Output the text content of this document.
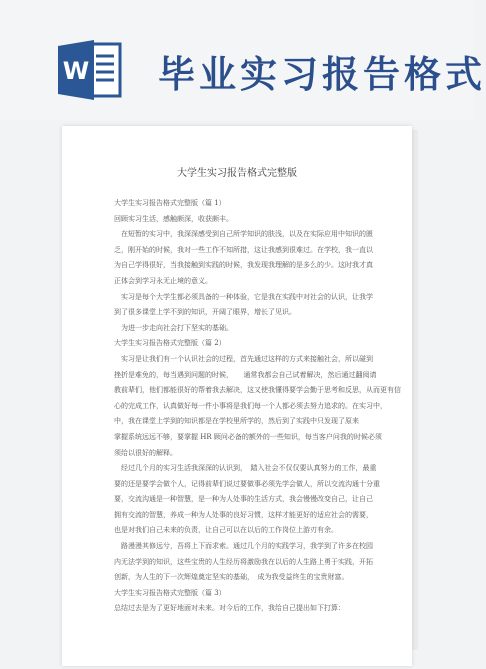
W 毕业实习报告格式
大学生实习报告格式完整版
大学生实习报告格式完整版（篇 1）
回顾实习生活，感触颇深，收获颇丰。
　在短暂的实习中，我深深感受到自己所学知识的肤浅，以及在实际应用中知识的匮
乏，刚开始的时候，我对一些工作不知所措，这让我感到很难过。在学校，我一直以
为自己学得很好，当我接触到实践的时候，我发现我理解的是多么的少。这时我才真
正体会到学习永无止境的意义。
　实习是每个大学生都必须具备的一种体验，它是我在实践中对社会的认识，让我学
到了很多课堂上学不到的知识，开阔了眼界，增长了见识。
　为进一步走向社会打下坚实的基础。
大学生实习报告格式完整版（篇 2）
　实习是让我们有一个认识社会的过程，首先通过这样的方式来接触社会，所以碰到
挫折是难免的，每当遇到问题的时候，　　通常我都会自己试着解决，然后通过翻阅请
教前辈们，他们都能很好的帮着我去解决，这又使我懂得要学会勤于思考和反思，从而更有信
心的完成工作，认真做好每一件小事将是我们每一个人都必须去努力追求的。在实习中，
中，我在课堂上学到的知识都是在学校里所学的，然后到了实践中只发现了原来
掌握系统远远不够，要掌握 HR 顾问必备的额外的一些知识，每当客户问我的时候必须
须给以很好的解释。
　经过几个月的实习生活我深深的认识到，　踏入社会不仅仅要认真努力的工作，最重
要的还是要学会做个人，记得前辈们说过要做事必须先学会做人，所以交流沟通十分重
要，交流沟通是一种智慧，是一种为人处事的生活方式，我会慢慢改变自己，让自己
拥有交流的智慧，养成一种为人处事的良好习惯，这样才能更好的适应社会的需要，
也是对我们自己未来的负责，让自己可以在以后的工作岗位上游刃有余。
　路漫漫其修远兮，吾将上下而求索。通过几个月的实践学习，我学到了许多在校园
内无法学到的知识，这些宝贵的人生经历将激励我在以后的人生路上勇于实践，开拓
创新，为人生的下一次辉煌奠定坚实的基础，　成为我受益终生的宝贵财富。
大学生实习报告格式完整版（篇 3）
总结过去是为了更好地面对未来。对今后的工作，我给自己提出如下打算：
